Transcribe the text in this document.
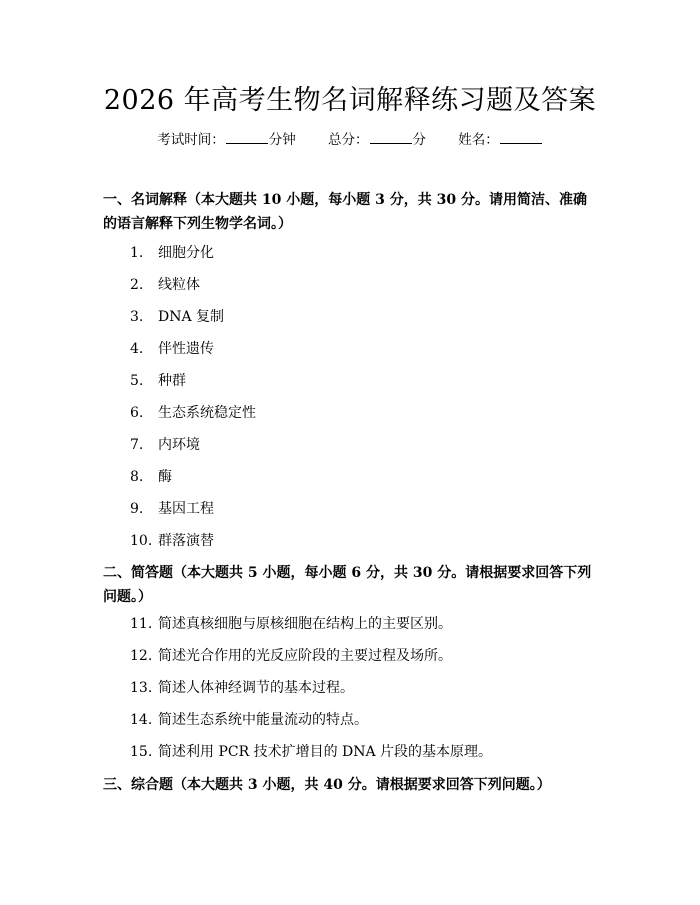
2026 年高考生物名词解释练习题及答案
考试时间：	分钟 总分：	分 姓名：
一、名词解释（本大题共 10 小题，每小题 3 分，共 30 分。请用简洁、准确的语言解释下列生物学名词。）
1. 细胞分化
2. 线粒体
3. DNA 复制
4. 伴性遗传
5. 种群
6. 生态系统稳定性
7. 内环境
8. 酶
9. 基因工程
10. 群落演替
二、简答题（本大题共 5 小题，每小题 6 分，共 30 分。请根据要求回答下列问题。）
11. 简述真核细胞与原核细胞在结构上的主要区别。
12. 简述光合作用的光反应阶段的主要过程及场所。
13. 简述人体神经调节的基本过程。
14. 简述生态系统中能量流动的特点。
15. 简述利用 PCR 技术扩增目的 DNA 片段的基本原理。
三、综合题（本大题共 3 小题，共 40 分。请根据要求回答下列问题。）
